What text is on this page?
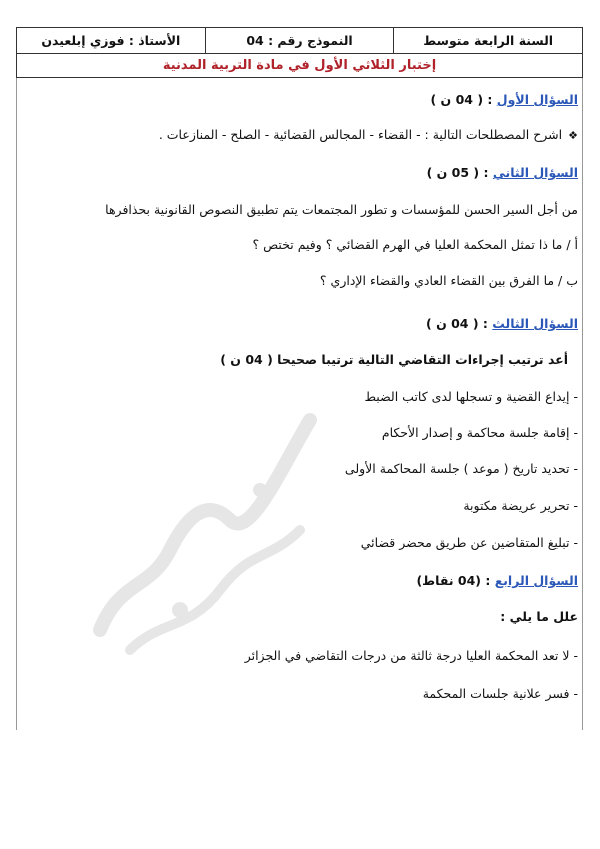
السنة الرابعة متوسط
النموذج رقم : 04
الأستاذ : فوزي إبلعيدن
إختبار الثلاثي الأول في مادة التربية المدنية
السؤال الأول : ( 04 ن )
❖اشرح المصطلحات التالية : - القضاء - المجالس القضائية - الصلح - المنازعات .
السؤال الثاني : ( 05 ن )
من أجل السير الحسن للمؤسسات و تطور المجتمعات يتم تطبيق النصوص القانونية بحذافرها
أ / ما ذا تمثل المحكمة العليا في الهرم القضائي ؟ وفيم تختص ؟
ب / ما الفرق بين القضاء العادي والقضاء الإداري ؟
السؤال الثالث : ( 04 ن )
أعد ترتيب إجراءات التقاضي التالية ترتيبا صحيحا ( 04 ن )
- إيداع القضية و تسجلها لدى كاتب الضبط
- إقامة جلسة محاكمة و إصدار الأحكام
- تحديد تاريخ ( موعد ) جلسة المحاكمة الأولى
- تحرير عريضة مكتوبة
- تبليغ المتقاضين عن طريق محضر قضائي
السؤال الرابع : (04 نقاط)
علل ما يلي :
- لا تعد المحكمة العليا درجة ثالثة من درجات التقاضي في الجزائر
- فسر علانية جلسات المحكمة
